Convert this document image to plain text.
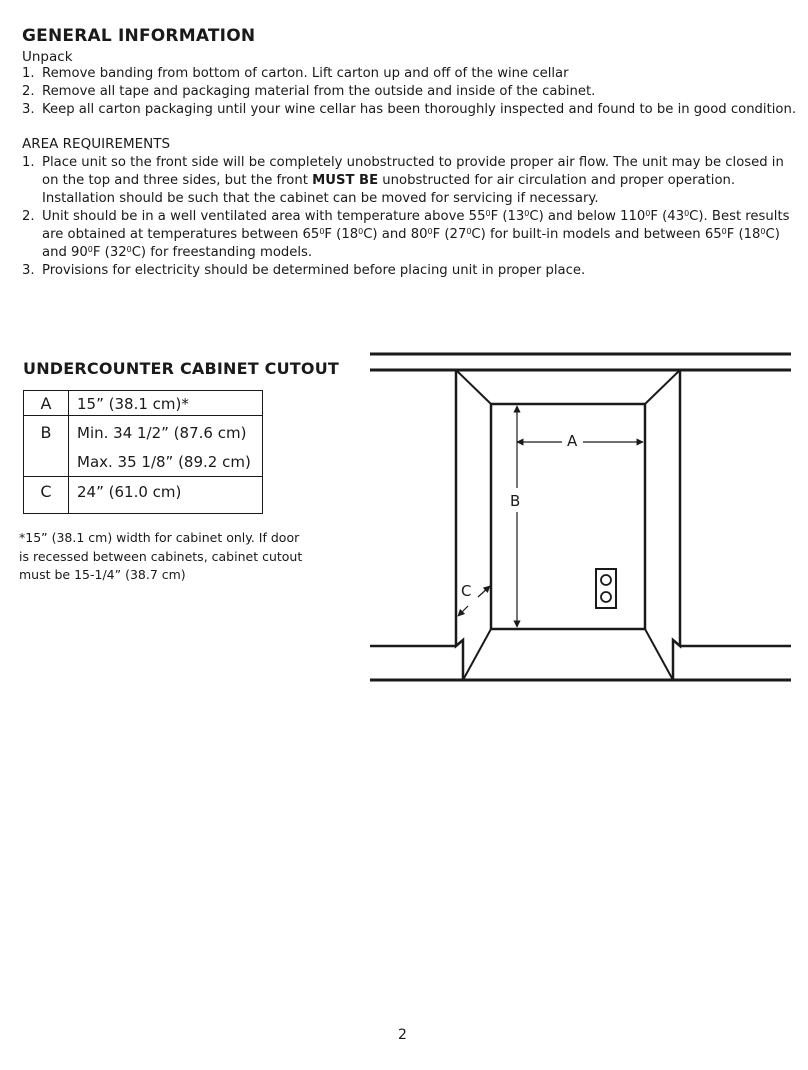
GENERAL INFORMATION
Unpack
1. Remove banding from bottom of carton. Lift carton up and off of the wine cellar
2. Remove all tape and packaging material from the outside and inside of the cabinet.
3. Keep all carton packaging until your wine cellar has been thoroughly inspected and found to be in good condition.
AREA REQUIREMENTS
1. Place unit so the front side will be completely unobstructed to provide proper air flow. The unit may be closed in on the top and three sides, but the front MUST BE unobstructed for air circulation and proper operation. Installation should be such that the cabinet can be moved for servicing if necessary.
2. Unit should be in a well ventilated area with temperature above $55^0F$ $(13^0C)$ and below $110^0F$ $(43^0C)$. Best results are obtained at temperatures between $65^0F$ $(18^0C)$ and $80^0F$ $(27^0C)$ for built-in models and between $65^0F$ $(18^0C)$ and $90^0F$ $(32^0C)$ for freestanding models.
3. Provisions for electricity should be determined before placing unit in proper place.
UNDERCOUNTER CABINET CUTOUT
A	15” (38.1 cm)*
B	Min. 34 1/2” (87.6 cm)
Max. 35 1/8” (89.2 cm)
C	24” (61.0 cm)
*15” (38.1 cm) width for cabinet only. If door
is recessed between cabinets, cabinet cutout
must be 15-1/4” (38.7 cm)
A
B
C
2
